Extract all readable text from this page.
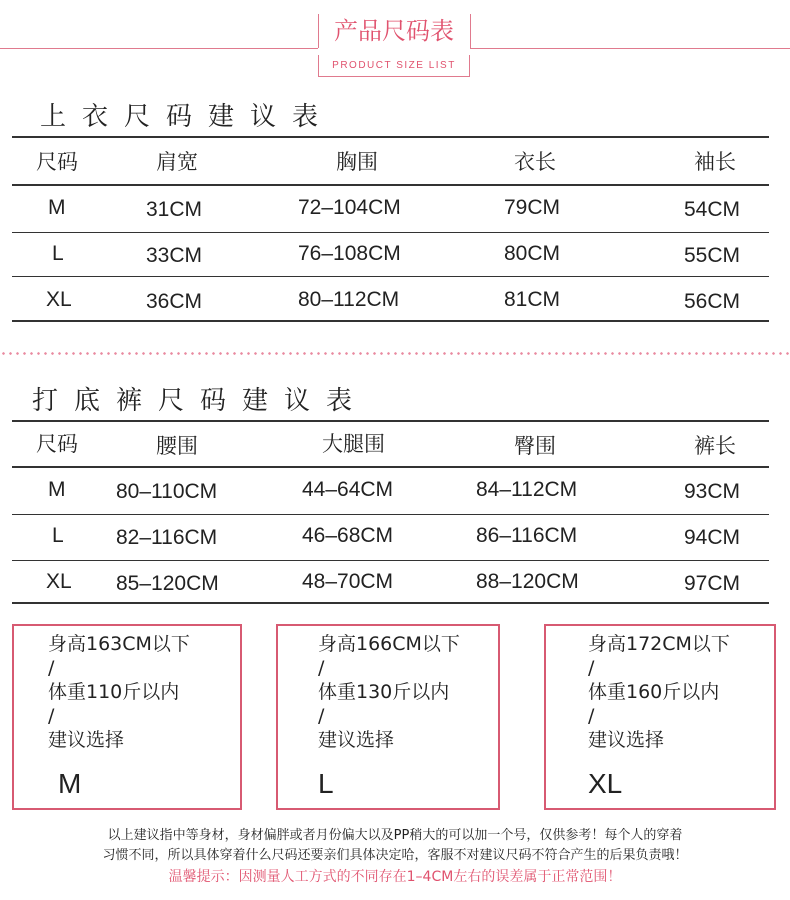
产品尺码表
PRODUCT SIZE LIST
上衣尺码建议表
尺码	肩宽	胸围	衣长	袖长
M	31CM	72–104CM	79CM	54CM
L	33CM	76–108CM	80CM	55CM
XL	36CM	80–112CM	81CM	56CM
打底裤尺码建议表
尺码	腰围	大腿围	臀围	裤长
M 80–110CM	44–64CM	84–112CM	93CM
L 82–116CM	46–68CM	86–116CM	94CM
XL 85–120CM	48–70CM	88–120CM	97CM
身高163CM以下
/
体重110斤以内
/
建议选择
M
身高166CM以下
/
体重130斤以内
/
建议选择
L
身高172CM以下
/
体重160斤以内
/
建议选择
XL
以上建议指中等身材，身材偏胖或者月份偏大以及PP稍大的可以加一个号，仅供参考！每个人的穿着
习惯不同，所以具体穿着什么尺码还要亲们具体决定哈，客服不对建议尺码不符合产生的后果负责哦！
温馨提示：因测量人工方式的不同存在1–4CM左右的误差属于正常范围！
